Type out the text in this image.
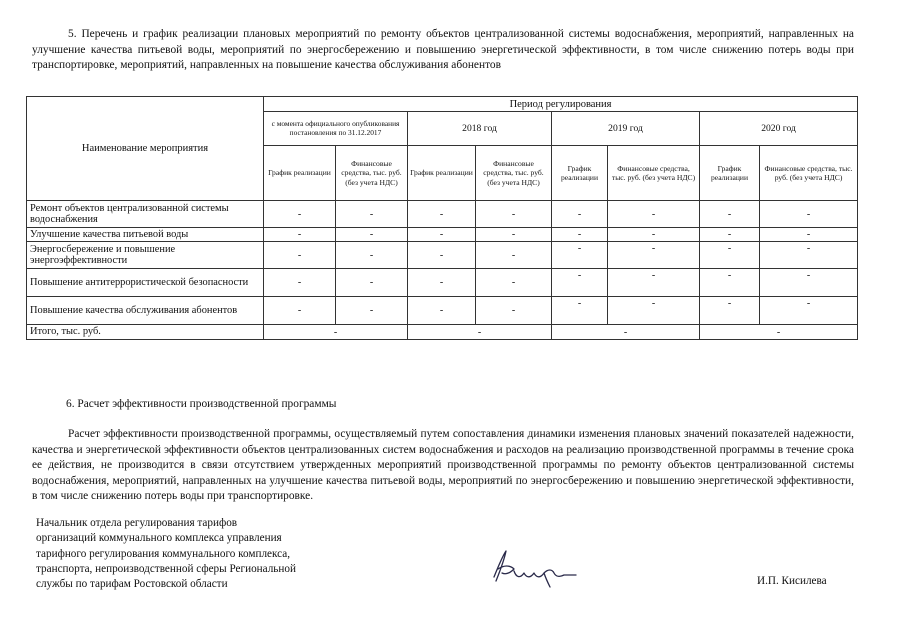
5. Перечень и график реализации плановых мероприятий по ремонту объектов централизованной системы водоснабжения, мероприятий, направленных на улучшение качества питьевой воды, мероприятий по энергосбережению и повышению энергетической эффективности, в том числе снижению потерь воды при транспортировке, мероприятий, направленных на повышение качества обслуживания абонентов
Наименование мероприятия	Период регулирования							
	с момента официального опубликования постановления по 31.12.2017		2018 год		2019 год		2020 год	
	График реализации	Финансовые средства, тыс. руб. (без учета НДС)	График реализации	Финансовые средства, тыс. руб. (без учета НДС)	График реализации	Финансовые средства, тыс. руб. (без учета НДС)	График реализации	Финансовые средства, тыс. руб. (без учета НДС)
Ремонт объектов централизованной системы водоснабжения	-	-	-	-	-	-	-	-
Улучшение качества питьевой воды	-	-	-	-	-	-	-	-
Энергосбережение и повышение энергоэффективности	-	-	-	-	-	-	-	-
Повышение антитеррористической безопасности	-	-	-	-	-	-	-	-
Повышение качества обслуживания абонентов	-	-	-	-	-	-	-	-
Итого, тыс. руб.	-		-		-		-	
6. Расчет эффективности производственной программы
Расчет эффективности производственной программы, осуществляемый путем сопоставления динамики изменения плановых значений показателей надежности, качества и энергетической эффективности объектов централизованных систем водоснабжения и расходов на реализацию производственной программы в течение срока ее действия, не производится в связи отсутствием утвержденных мероприятий производственной программы по ремонту объектов централизованной системы водоснабжения, мероприятий, направленных на улучшение качества питьевой воды, мероприятий по энергосбережению и повышению энергетической эффективности, в том числе снижению потерь воды при транспортировке.
Начальник отдела регулирования тарифов
организаций коммунального комплекса управления
тарифного регулирования коммунального комплекса,
транспорта, непроизводственной сферы Региональной
службы по тарифам Ростовской области	И.П. Кисилева
